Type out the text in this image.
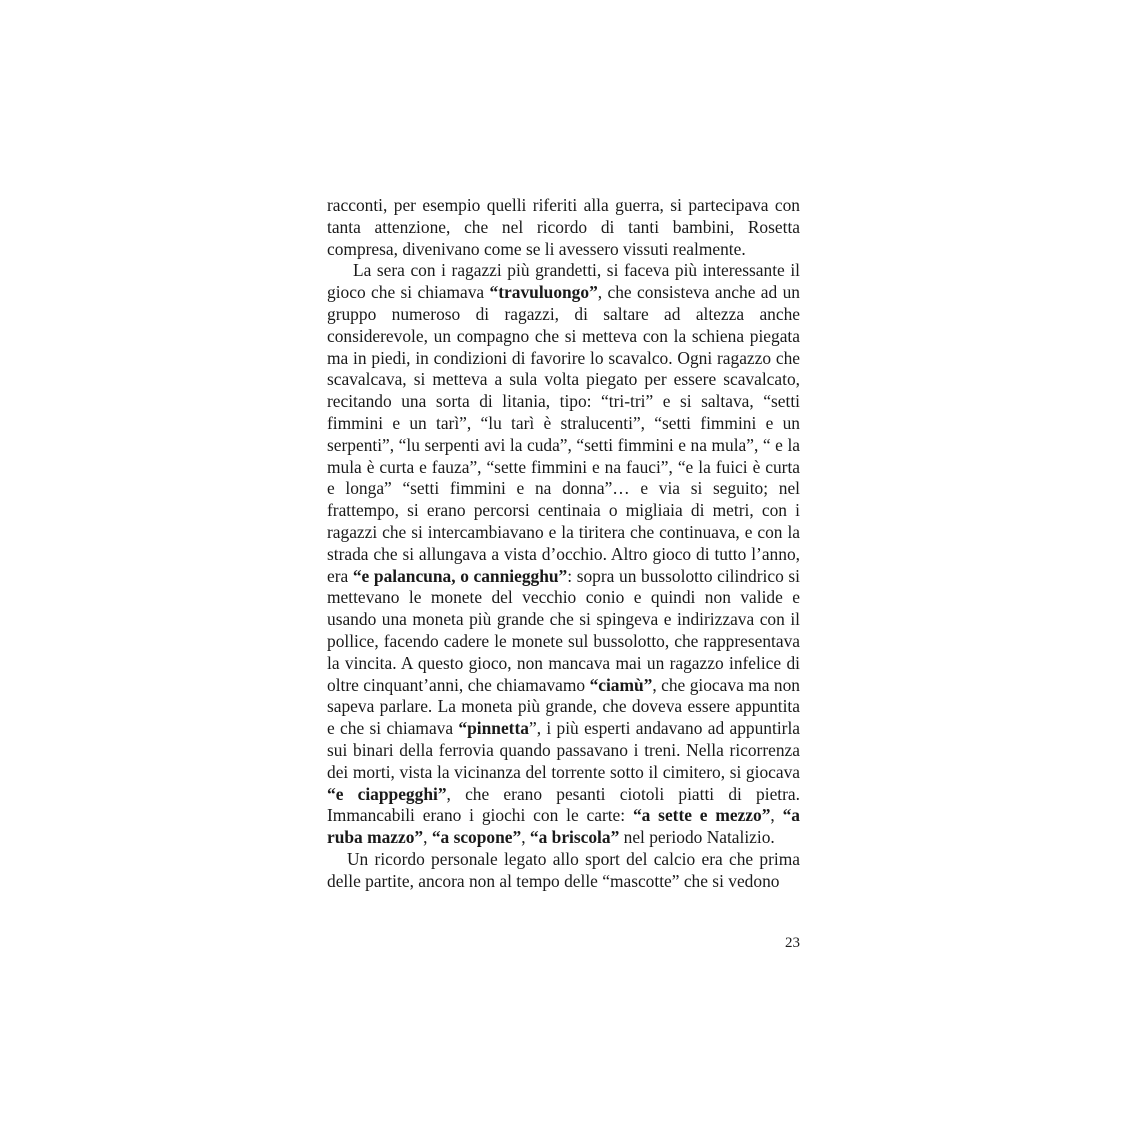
racconti, per esempio quelli riferiti alla guerra, si partecipava con tanta attenzione, che nel ricordo di tanti bambini, Rosetta compresa, divenivano come se li avessero vissuti realmente.

La sera con i ragazzi più grandetti, si faceva più interessante il gioco che si chiamava “travuluongo”, che consisteva anche ad un gruppo numeroso di ragazzi, di saltare ad altezza anche considerevole, un compagno che si metteva con la schiena piegata ma in piedi, in condizioni di favorire lo scavalco. Ogni ragazzo che scavalcava, si metteva a sula volta piegato per essere scavalcato, recitando una sorta di litania, tipo: “tri-tri” e si saltava, “setti fimmini e un tarì”, “lu tarì è stralucenti”, “setti fimmini e un serpenti”, “lu serpenti avi la cuda”, “setti fimmini e na mula”, “ e la mula è curta e fauza”, “sette fimmini e na fauci”, “e la fuici è curta e longa” “setti fimmini e na donna”… e via si seguito; nel frattempo, si erano percorsi centinaia o migliaia di metri, con i ragazzi che si intercambiavano e la tiritera che continuava, e con la strada che si allungava a vista d’occhio. Altro gioco di tutto l’anno, era “e palancuna, o canniegghu”: sopra un bussolotto cilindrico si mettevano le monete del vecchio conio e quindi non valide e usando una moneta più grande che si spingeva e indirizzava con il pollice, facendo cadere le monete sul bussolotto, che rappresentava la vincita. A questo gioco, non mancava mai un ragazzo infelice di oltre cinquant’anni, che chiamavamo “ciamù”, che giocava ma non sapeva parlare. La moneta più grande, che doveva essere appuntita e che si chiamava “pinnetta”, i più esperti andavano ad appuntirla sui binari della ferrovia quando passavano i treni. Nella ricorrenza dei morti, vista la vicinanza del torrente sotto il cimitero, si giocava “e ciappegghi”, che erano pesanti ciotoli piatti di pietra. Immancabili erano i giochi con le carte: “a sette e mezzo”, “a ruba mazzo”, “a scopone”, “a briscola” nel periodo Natalizio.

Un ricordo personale legato allo sport del calcio era che prima delle partite, ancora non al tempo delle “mascotte” che si vedono

23
